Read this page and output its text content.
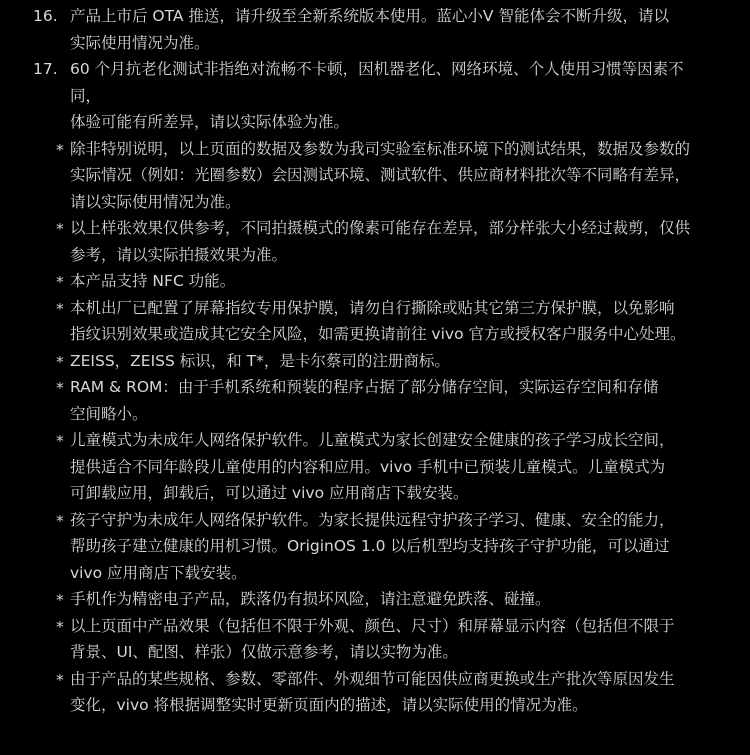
16. 产品上市后 OTA 推送，请升级至全新系统版本使用。蓝心小V 智能体会不断升级，请以
实际使用情况为准。
17. 60 个月抗老化测试非指绝对流畅不卡顿，因机器老化、网络环境、个人使用习惯等因素不同，
体验可能有所差异，请以实际体验为准。
* 除非特别说明，以上页面的数据及参数为我司实验室标准环境下的测试结果，数据及参数的
实际情况（例如：光圈参数）会因测试环境、测试软件、供应商材料批次等不同略有差异，
请以实际使用情况为准。
* 以上样张效果仅供参考，不同拍摄模式的像素可能存在差异，部分样张大小经过裁剪，仅供
参考，请以实际拍摄效果为准。
* 本产品支持 NFC 功能。
* 本机出厂已配置了屏幕指纹专用保护膜，请勿自行撕除或贴其它第三方保护膜，以免影响
指纹识别效果或造成其它安全风险，如需更换请前往 vivo 官方或授权客户服务中心处理。
* ZEISS，ZEISS 标识，和 T*，是卡尔蔡司的注册商标。
* RAM & ROM：由于手机系统和预装的程序占据了部分储存空间，实际运存空间和存储
空间略小。
* 儿童模式为未成年人网络保护软件。儿童模式为家长创建安全健康的孩子学习成长空间，
提供适合不同年龄段儿童使用的内容和应用。vivo 手机中已预装儿童模式。儿童模式为
可卸载应用，卸载后，可以通过 vivo 应用商店下载安装。
* 孩子守护为未成年人网络保护软件。为家长提供远程守护孩子学习、健康、安全的能力，
帮助孩子建立健康的用机习惯。OriginOS 1.0 以后机型均支持孩子守护功能，可以通过
vivo 应用商店下载安装。
* 手机作为精密电子产品，跌落仍有损坏风险，请注意避免跌落、碰撞。
* 以上页面中产品效果（包括但不限于外观、颜色、尺寸）和屏幕显示内容（包括但不限于
背景、UI、配图、样张）仅做示意参考，请以实物为准。
* 由于产品的某些规格、参数、零部件、外观细节可能因供应商更换或生产批次等原因发生
变化，vivo 将根据调整实时更新页面内的描述，请以实际使用的情况为准。
